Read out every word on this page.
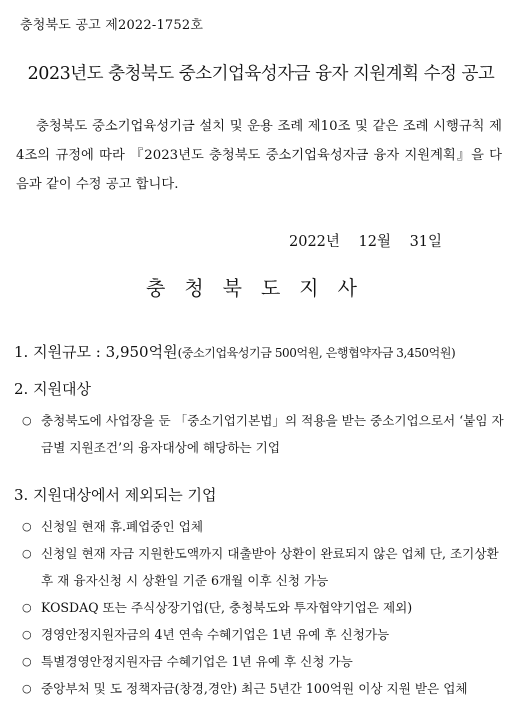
충청북도 공고 제2022-1752호
2023년도 충청북도 중소기업육성자금 융자 지원계획 수정 공고

충청북도 중소기업육성기금 설치 및 운용 조례 제10조 및 같은 조례 시행규칙 제4조의 규정에 따라 『2023년도 충청북도 중소기업육성자금 융자 지원계획』을 다음과 같이 수정 공고 합니다.

2022년 12월 31일
충청북도지사
1. 지원규모 : 3,950억원(중소기업육성기금 500억원, 은행협약자금 3,450억원)
2. 지원대상
○ 충청북도에 사업장을 둔 「중소기업기본법」의 적용을 받는 중소기업으로서 ‘붙임 자금별 지원조건’의 융자대상에 해당하는 기업
3. 지원대상에서 제외되는 기업
○ 신청일 현재 휴.폐업중인 업체
○ 신청일 현재 자금 지원한도액까지 대출받아 상환이 완료되지 않은 업체 단, 조기상환 후 재 융자신청 시 상환일 기준 6개월 이후 신청 가능
○ KOSDAQ 또는 주식상장기업(단, 충청북도와 투자협약기업은 제외)
○ 경영안정지원자금의 4년 연속 수혜기업은 1년 유예 후 신청가능
○ 특별경영안정지원자금 수혜기업은 1년 유예 후 신청 가능
○ 중앙부처 및 도 정책자금(창경,경안) 최근 5년간 100억원 이상 지원 받은 업체
